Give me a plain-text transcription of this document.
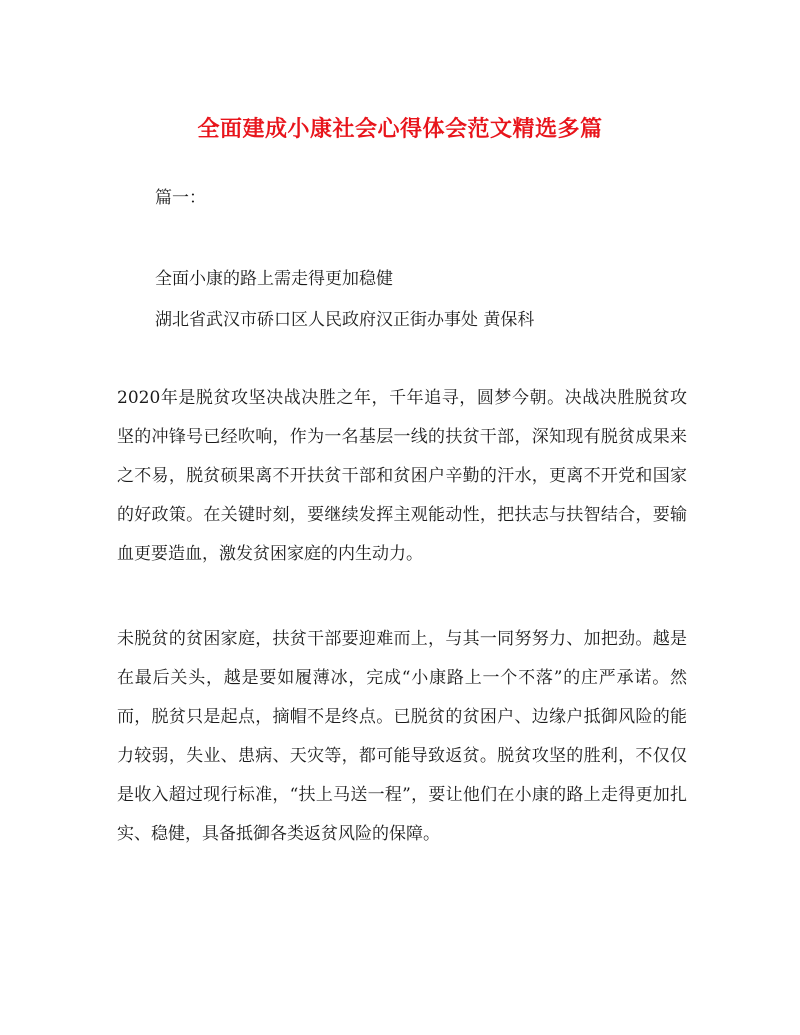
全面建成小康社会心得体会范文精选多篇
篇一：
全面小康的路上需走得更加稳健
湖北省武汉市硚口区人民政府汉正街办事处 黄保科

2020年是脱贫攻坚决战决胜之年，千年追寻，圆梦今朝。决战决胜脱贫攻坚的冲锋号已经吹响，作为一名基层一线的扶贫干部，深知现有脱贫成果来之不易，脱贫硕果离不开扶贫干部和贫困户辛勤的汗水，更离不开党和国家的好政策。在关键时刻，要继续发挥主观能动性，把扶志与扶智结合，要输血更要造血，激发贫困家庭的内生动力。

未脱贫的贫困家庭，扶贫干部要迎难而上，与其一同努努力、加把劲。越是在最后关头，越是要如履薄冰，完成“小康路上一个不落”的庄严承诺。然而，脱贫只是起点，摘帽不是终点。已脱贫的贫困户、边缘户抵御风险的能力较弱，失业、患病、天灾等，都可能导致返贫。脱贫攻坚的胜利，不仅仅是收入超过现行标准，“扶上马送一程”，要让他们在小康的路上走得更加扎实、稳健，具备抵御各类返贫风险的保障。
